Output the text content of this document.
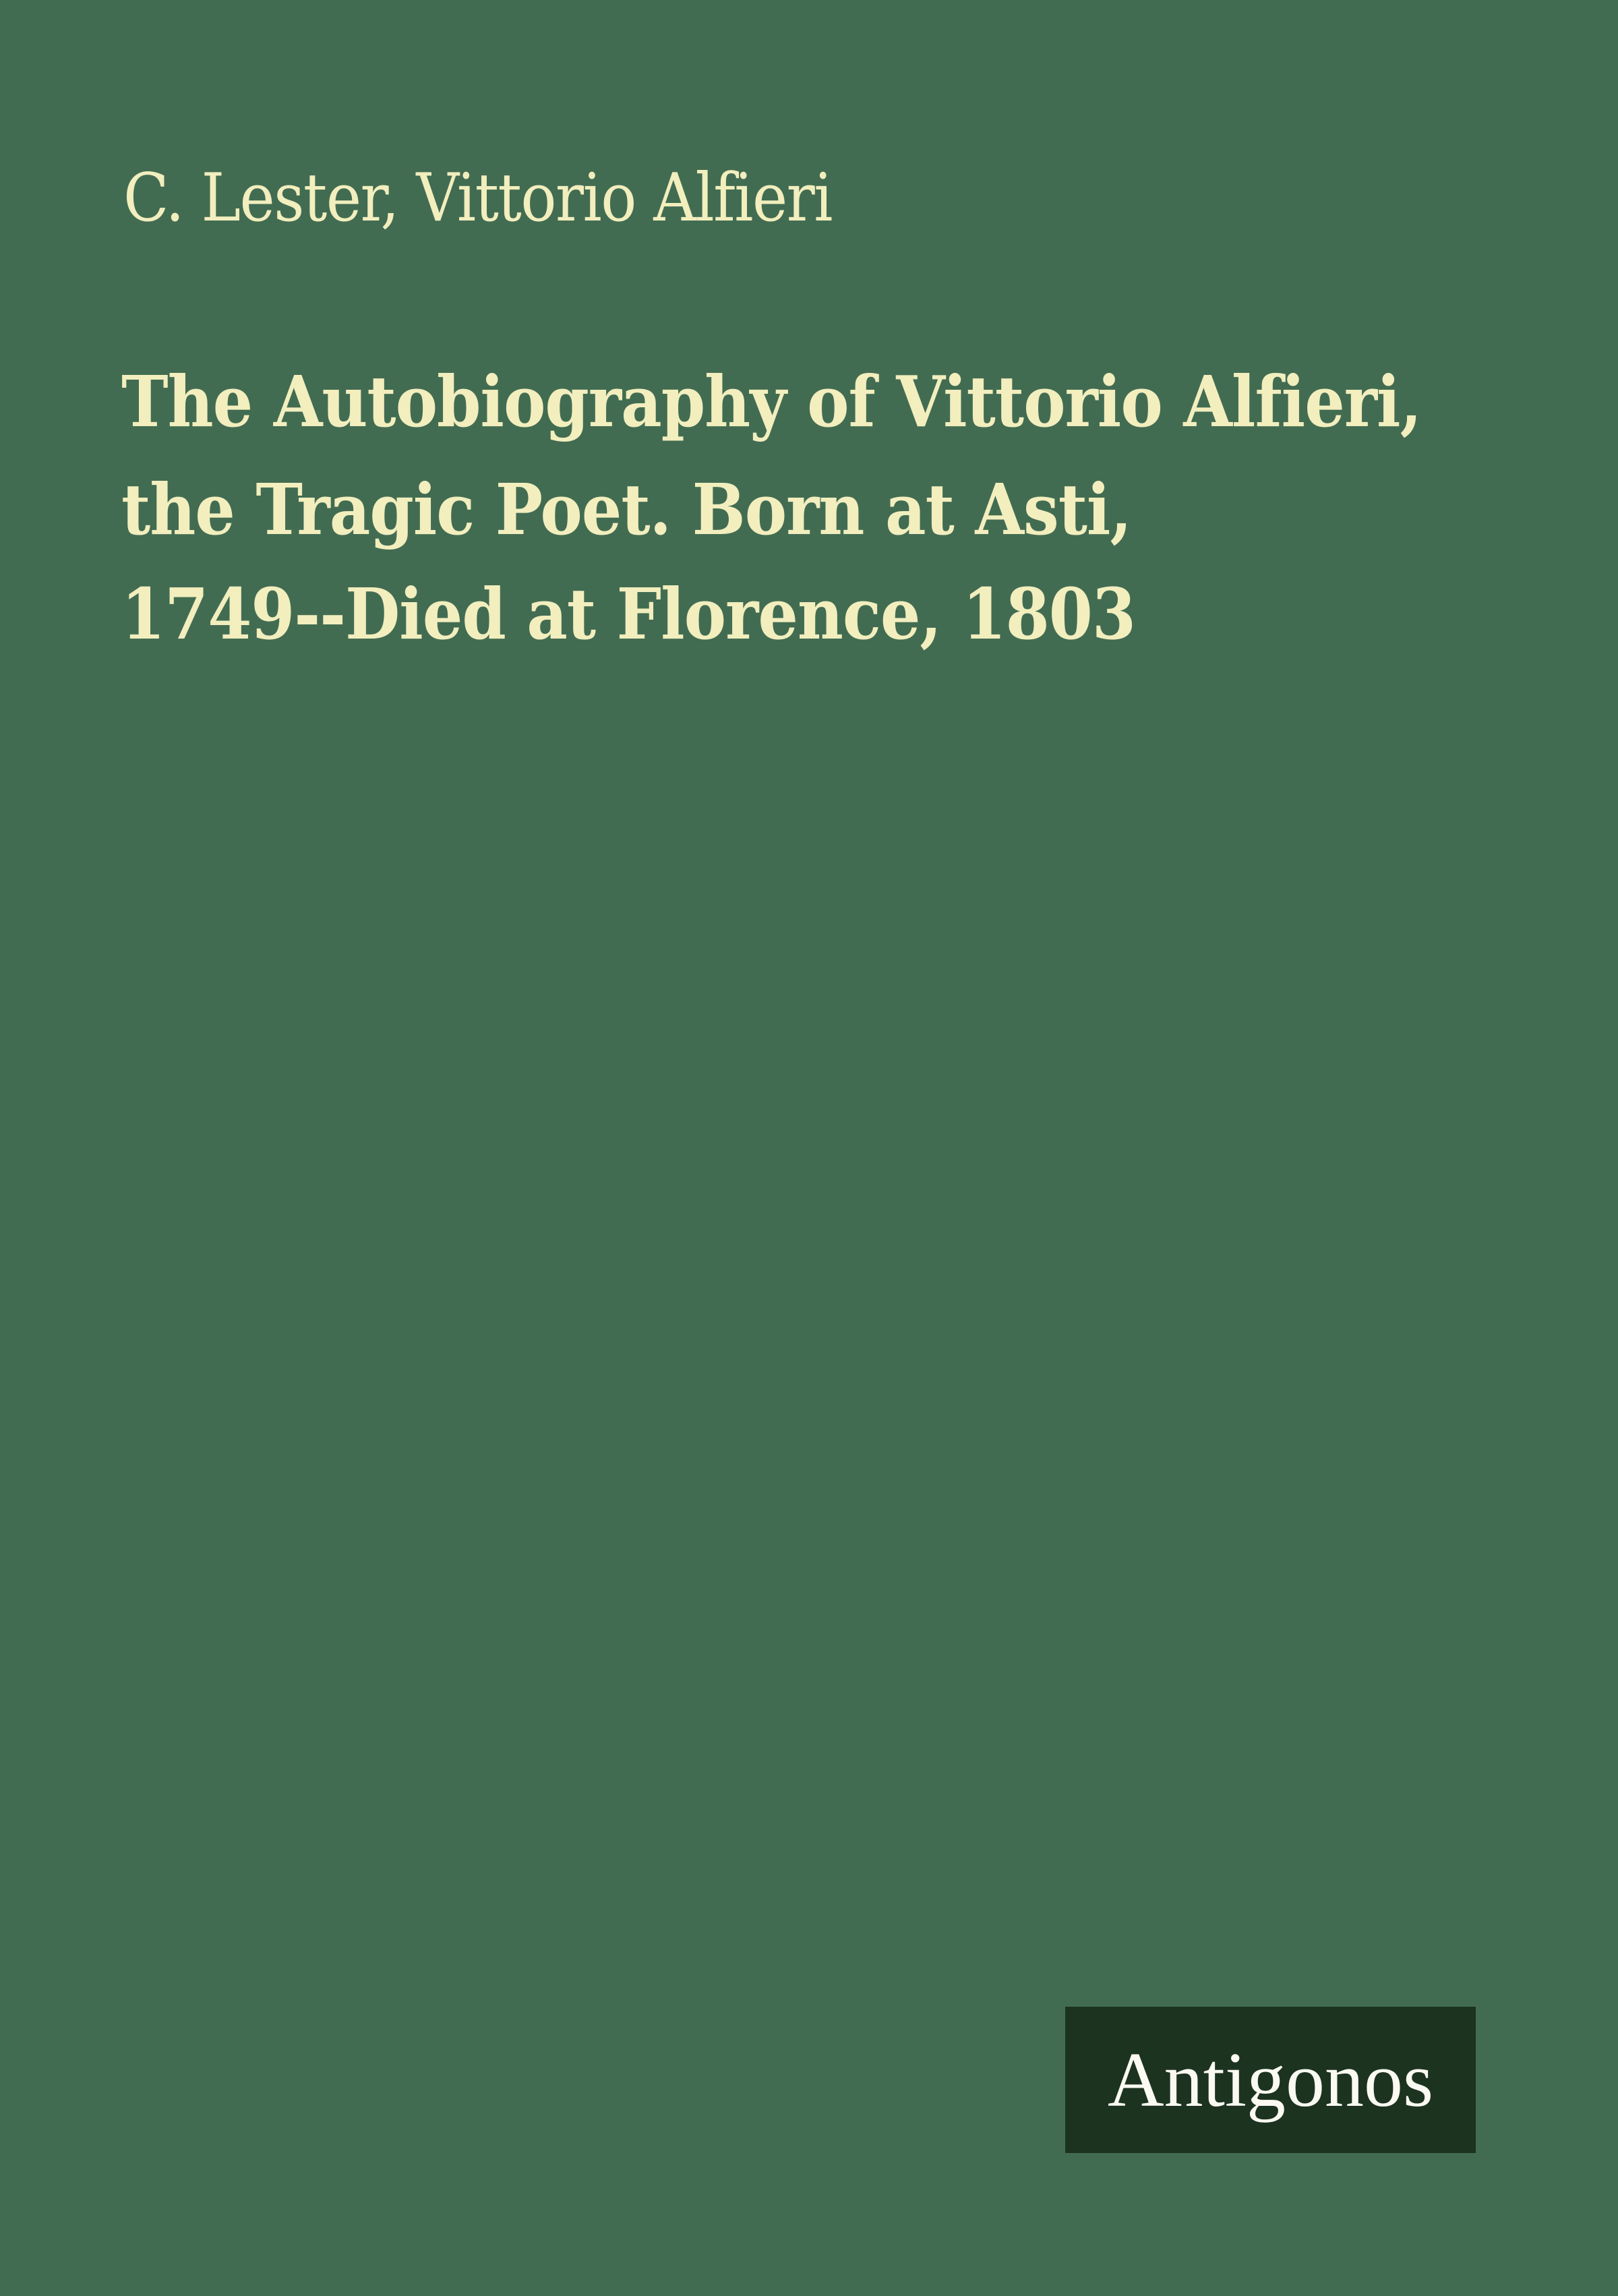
C. Lester, Vittorio Alfieri
The Autobiography of Vittorio Alfieri,
the Tragic Poet. Born at Asti,
1749--Died at Florence, 1803
Antigonos
